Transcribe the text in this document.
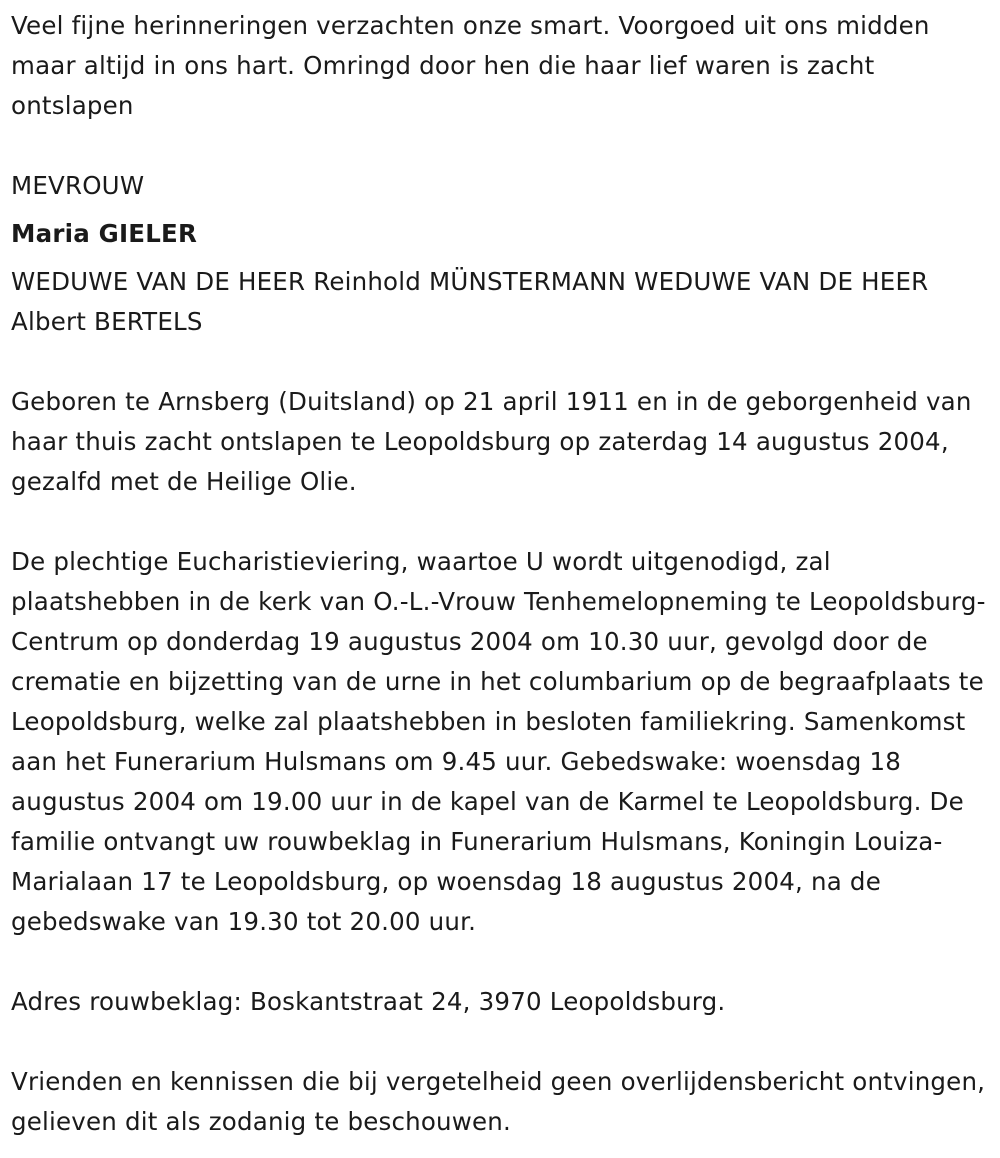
Veel fijne herinneringen verzachten onze smart. Voorgoed uit ons midden maar altijd in ons hart. Omringd door hen die haar lief waren is zacht ontslapen

MEVROUW

Maria GIELER

WEDUWE VAN DE HEER Reinhold MÜNSTERMANN WEDUWE VAN DE HEER Albert BERTELS

Geboren te Arnsberg (Duitsland) op 21 april 1911 en in de geborgenheid van haar thuis zacht ontslapen te Leopoldsburg op zaterdag 14 augustus 2004, gezalfd met de Heilige Olie.

De plechtige Eucharistieviering, waartoe U wordt uitgenodigd, zal plaatshebben in de kerk van O.-L.-Vrouw Tenhemelopneming te Leopoldsburg-Centrum op donderdag 19 augustus 2004 om 10.30 uur, gevolgd door de crematie en bijzetting van de urne in het columbarium op de begraafplaats te Leopoldsburg, welke zal plaatshebben in besloten familiekring. Samenkomst aan het Funerarium Hulsmans om 9.45 uur. Gebedswake: woensdag 18 augustus 2004 om 19.00 uur in de kapel van de Karmel te Leopoldsburg. De familie ontvangt uw rouwbeklag in Funerarium Hulsmans, Koningin Louiza-Marialaan 17 te Leopoldsburg, op woensdag 18 augustus 2004, na de gebedswake van 19.30 tot 20.00 uur.

Adres rouwbeklag: Boskantstraat 24, 3970 Leopoldsburg.

Vrienden en kennissen die bij vergetelheid geen overlijdensbericht ontvingen, gelieven dit als zodanig te beschouwen.
